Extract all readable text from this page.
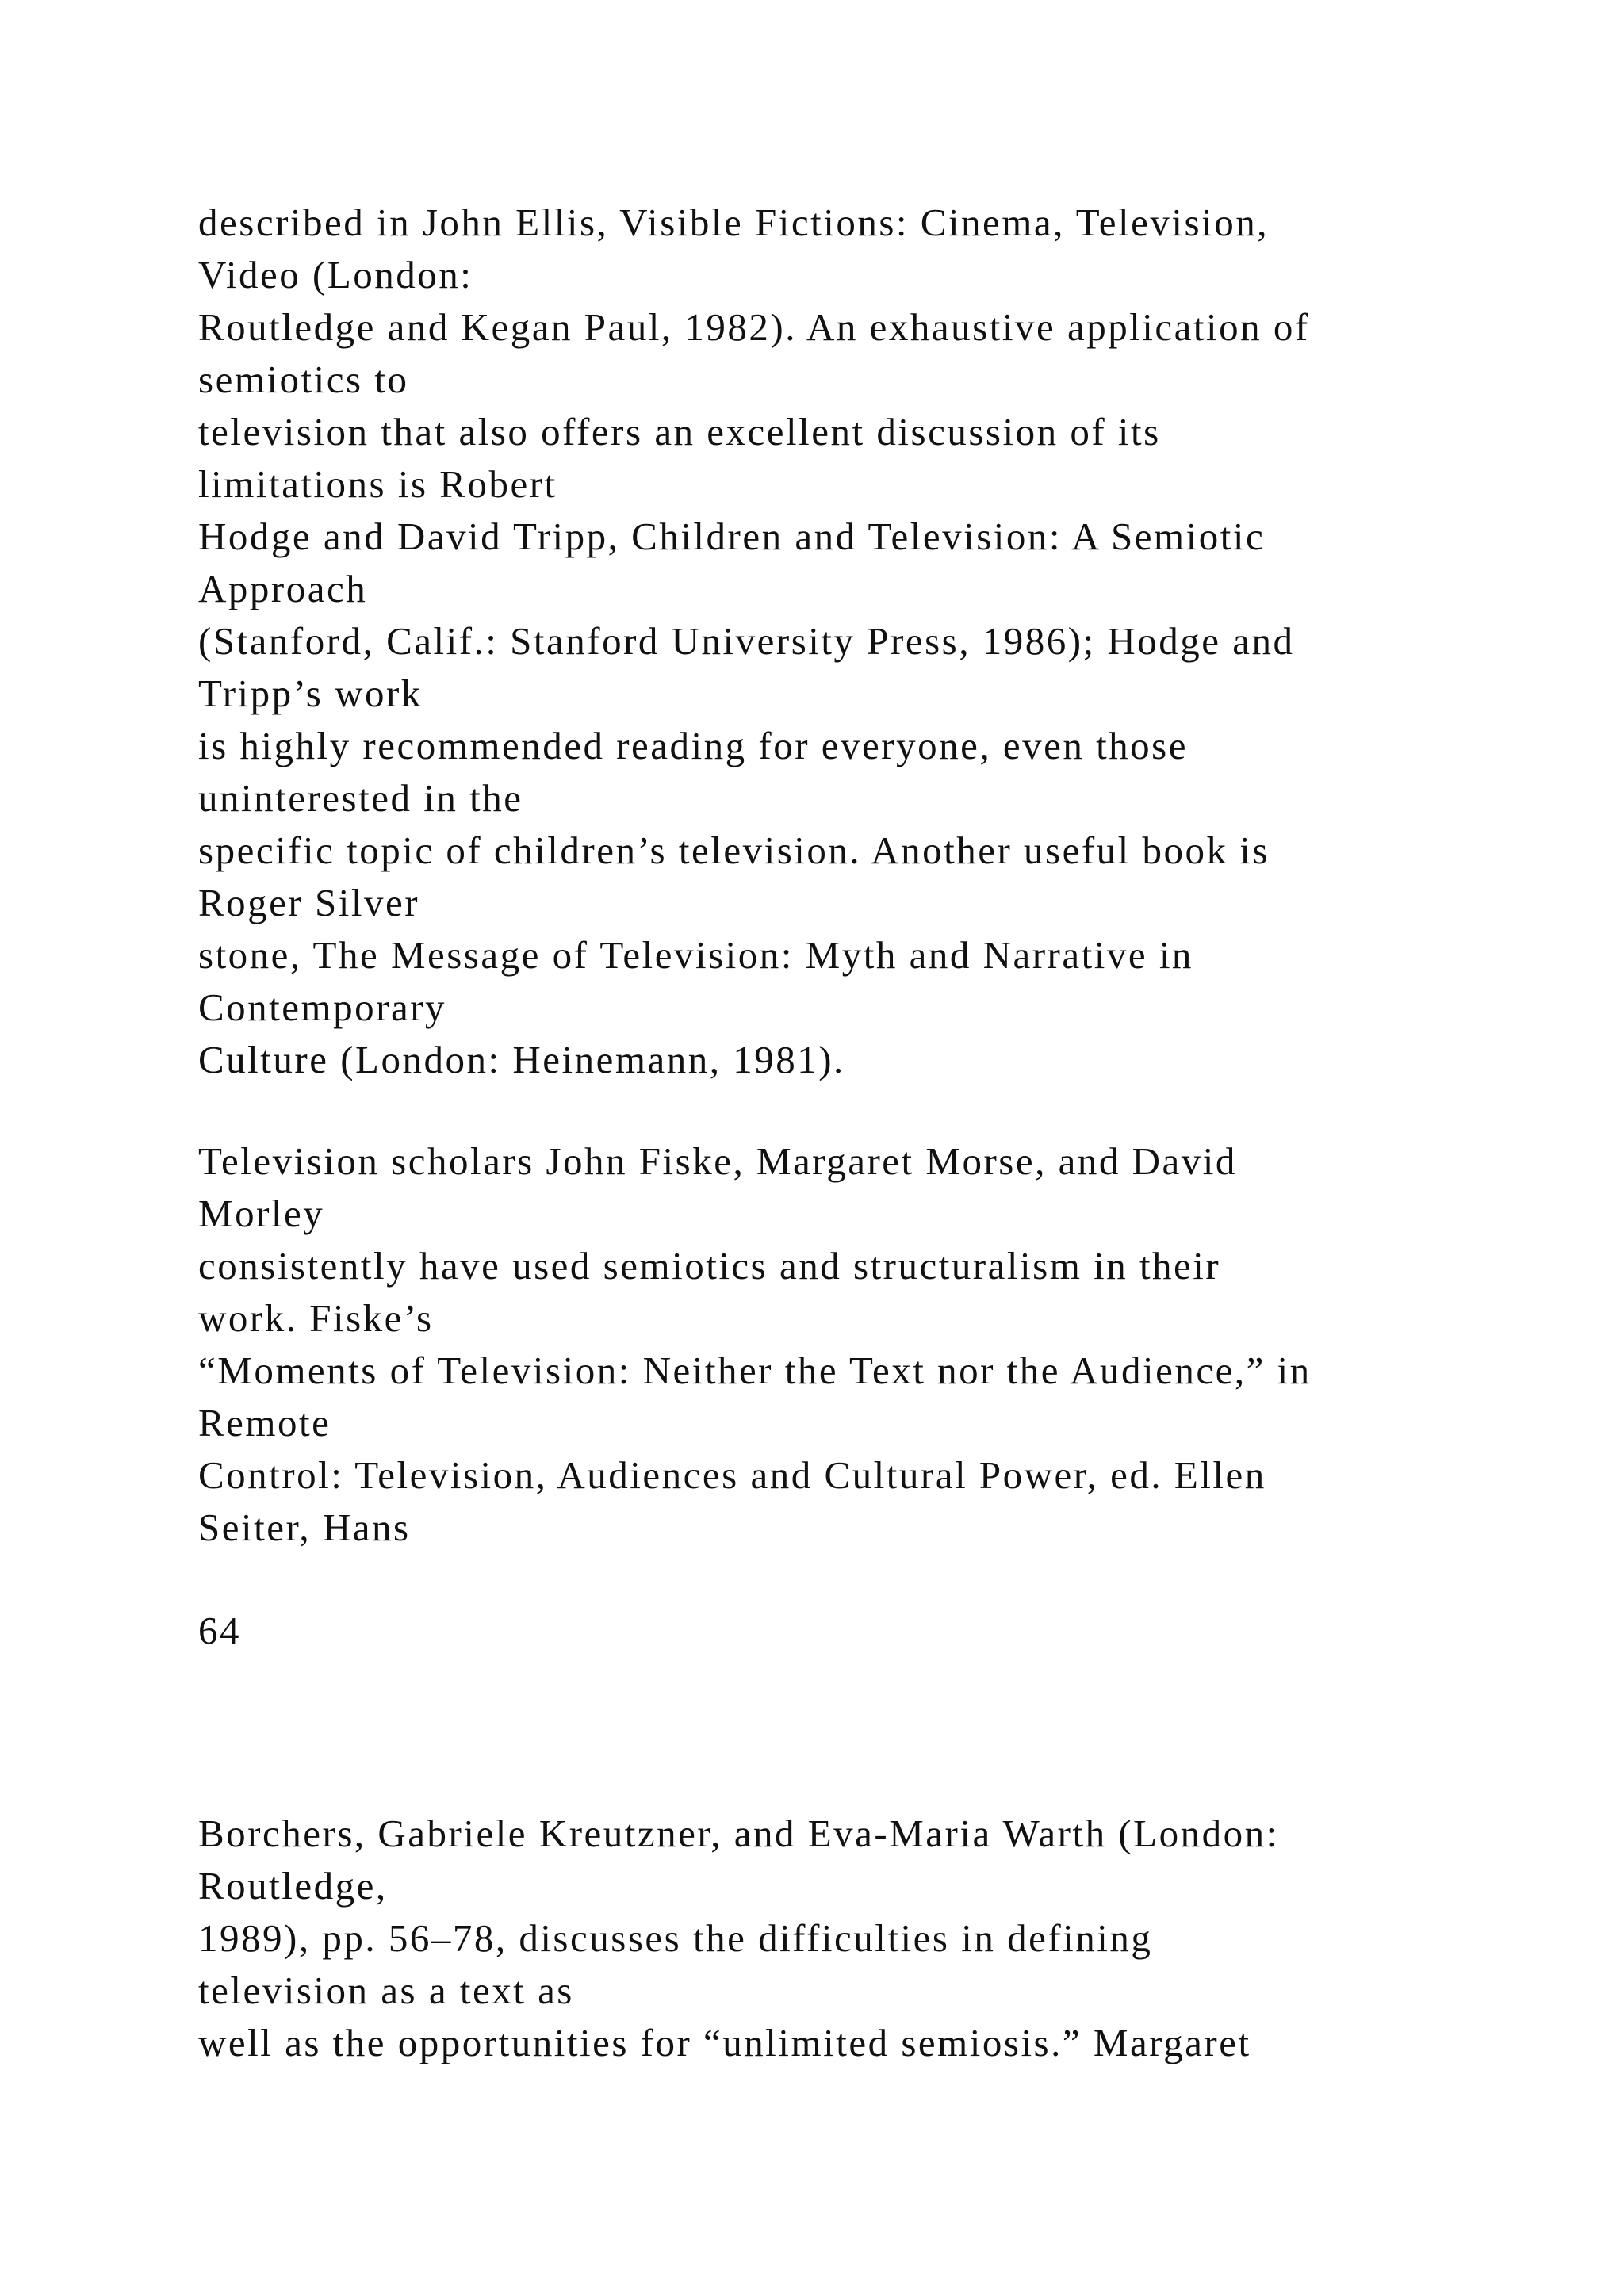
described in John Ellis, Visible Fictions: Cinema, Television,
Video (London:
Routledge and Kegan Paul, 1982). An exhaustive application of
semiotics to
television that also offers an excellent discussion of its
limitations is Robert
Hodge and David Tripp, Children and Television: A Semiotic
Approach
(Stanford, Calif.: Stanford University Press, 1986); Hodge and
Tripp’s work
is highly recommended reading for everyone, even those
uninterested in the
specific topic of children’s television. Another useful book is
Roger Silver
stone, The Message of Television: Myth and Narrative in
Contemporary
Culture (London: Heinemann, 1981).
Television scholars John Fiske, Margaret Morse, and David
Morley
consistently have used semiotics and structuralism in their
work. Fiske’s
“Moments of Television: Neither the Text nor the Audience,” in
Remote
Control: Television, Audiences and Cultural Power, ed. Ellen
Seiter, Hans
64
Borchers, Gabriele Kreutzner, and Eva-Maria Warth (London:
Routledge,
1989), pp. 56–78, discusses the difficulties in defining
television as a text as
well as the opportunities for “unlimited semiosis.” Margaret
